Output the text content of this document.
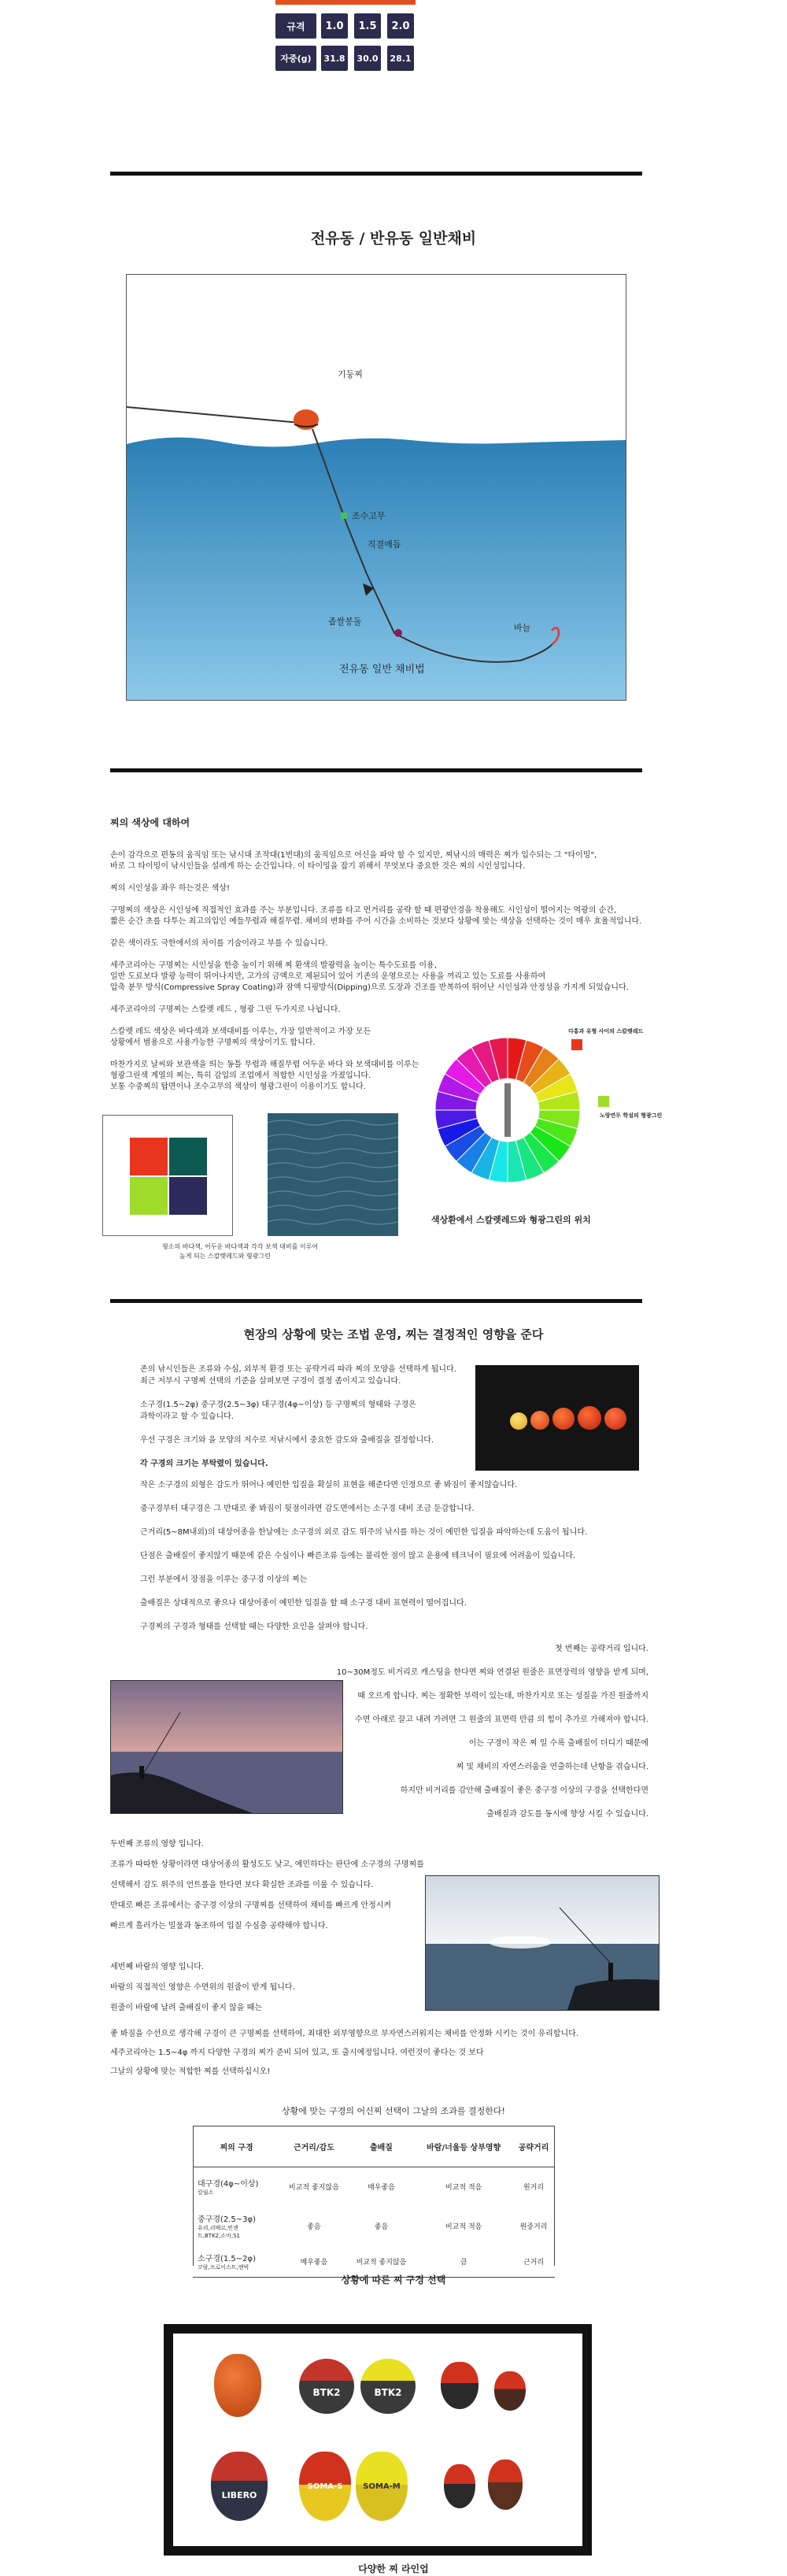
규격	1.0	1.5	2.0
자중(g)	31.8	30.0	28.1
전유동 / 반유동 일반채비
기둥찌
조수고무
직결매듭
좁쌀봉돌
바늘
전유동 일반 채비법
찌의 색상에 대하여
손이 감각으로 편동의 움직임 또는 낚시대 조작대(1번대)의 움직임으로 어신을 파악 할 수 있지만, 찌낚시의 매력은 찌가 입수되는 그 "타이밍",
바로 그 타이밍이 낚시인들을 설레게 하는 순간입니다. 이 타이밍을 잡기 위해서 무엇보다 중요한 것은 찌의 시인성입니다.
찌의 시인성을 좌우 하는것은 색상!
구명찌의 색상은 시인성에 직접적인 효과를 주는 부분입니다. 조류를 타고 먼거리를 공략 할 때 편광안경을 착용해도 시인성이 떨어지는 역광의 순간,
짧은 순간 초를 다투는 최고의입인 예들무렵과 해질무렵. 채비의 변화를 주어 시간을 소비하는 것보다 상황에 맞는 색상을 선택하는 것이 매우 효율적입니다.
같은 색이라도 극한에서의 차이를 기술이라고 부를 수 있습니다.
세주코리아는 구명찌는 시인성을 한층 높이기 위해 찌 환색의 발광력을 높이는 특수도료를 이용,
일반 도료보다 발광 능력이 뛰어나지만, 고가의 금액으로 제된되어 있어 기존의 운영으로는 사용을 꺼리고 있는 도료를 사용하여
압축 분무 방식(Compressive Spray Coating)과 잠액 디핑방식(Dipping)으로 도장과 건조를 반복하여 뛰어난 시인성과 안정성을 가지게 되었습니다.
세주코리아의 구명찌는 스칼렛 레드 , 형광 그린 두가지로 나뉩니다.
스칼렛 레드 색상은 바다색과 보색대비를 이루는, 가장 일반적이고 가장 모든
상황에서 범용으로 사용가능한 구명찌의 색상이기도 합니다.
마찬가지로 날씨와 보관색을 띄는 동틀 무렵과 해질무렵 어두운 바다 와 보색대비를 이루는
형광그린색 계열의 찌는, 특히 감입의 조업에서 적합한 시인성을 가졌입니다.
보통 수중찌의 탑면이나 조수고무의 색상이 형광그린이 이용이기도 합니다.
형소의 바다색, 어두운 바다색과 각각 보색 대비를 이루어
높게 되는 스칼렛레드와 형광그린
다홍과 유형 사이의 스칼렛레드
노랑연두 학설의 형광그린
색상환에서 스칼렛레드와 형광그린의 위치
현장의 상황에 맞는 조법 운영, 찌는 결정적인 영향을 준다
존의 낚시인들은 조류와 수심, 외부적 환경 또는 공략거리 따라 찌의 모양을 선택하게 됩니다.
최근 저부시 구명찌 선택의 기준을 살펴보면 구경이 결정 좀이지고 있습니다.
소구경(1.5~2φ) 중구경(2.5~3φ) 대구경(4φ~이상) 등 구명찌의 형태와 구경은
과학이라고 할 수 있습니다.
우선 구경은 크기와 을 모양의 저수로 저낚시에서 중요한 감도와 출배질을 결정합니다.
각 구경의 크기는 부탁렸이 있습니다.
작은 소구경의 외형은 감도가 뛰어나 예민한 입질을 확실히 표현을 해준다면 인정으로 좋 봐짐이 좋지않습니다.
중구경부터 대구경은 그 반대로 좋 봐짐이 뒷점이라면 감도면에서는 소구경 대비 조금 둔감합니다.
근거리(5~8M내외)의 대상어종을 한날에는 소구경의 외로 감도 뛰주의 낚시를 하는 것이 예민한 입질을 파악하는데 도움이 됩니다.
단점은 출배질이 좋지않기 때문에 같은 수심이나 빠른조류 등에는 불리한 점이 많고 운용에 테크닉이 필요에 어려움이 있습니다.
그런 부분에서 장점을 이루는 중구경 이상의 찌는
출배질은 상대적으로 좋으나 대상어종이 예민한 입질을 할 때 소구경 대비 표현력이 떨어집니다.
구경찌의 구경과 형태를 선택할 때는 다양한 요인을 살펴야 합니다.
첫 번째는 공략거리 입니다.
10~30M정도 비거리로 캐스팅을 한다면 찌와 연결된 원줄은 표면장력의 영향을 받게 되며,
때 오르게 합니다. 찌는 정확한 부력이 있는데, 마찬가지로 또는 성질을 가진 원줄까지
수면 아래로 끌고 내려 가려면 그 원줄의 표면력 만큼 의 힘이 추가로 가해져야 합니다.
이는 구경이 작은 찌 일 수록 출배질이 더디기 때문에
찌 및 채비의 자연스러움을 연출하는데 난항을 겪습니다.
하지만 비거리를 감안해 출배질이 좋은 중구경 이상의 구경을 선택한다면
출배질과 감도를 동시에 향상 시킬 수 있습니다.
두번째 조류의 영향 입니다.
조류가 따따한 상황이라면 대상어종의 활성도도 낮고, 예민하다는 판단에 소구경의 구명찌를
선택해서 감도 위주의 언트롤을 한다면 보다 확실한 조과를 이룰 수 있습니다.
반대로 빠른 조류에서는 중구경 이상의 구명찌를 선택하여 채비를 빠르게 안정시켜
빠르게 흘러가는 밀물과 동조하여 입질 수심층 공략해야 합니다.
세번째 바람의 영향 입니다.
바람의 직접적인 영향은 수면위의 원줄이 받게 됩니다.
원줄이 바람에 날려 출배질이 좋지 않을 때는
좋 봐짐을 수선으로 생각해 구경이 큰 구명찌를 선택하여, 최대한 외부영향으로 부자연스러워지는 채비를 안정화 시키는 것이 유리합니다.
세주코리아는 1.5~4φ 까지 다양한 구경의 찌가 준비 되어 있고, 또 출시예정입니다. 여런것이 좋다는 것 보다
그날의 상황에 맞는 적합한 찌를 선택하십시오!
상황에 맞는 구경의 어신찌 선택이 그날의 조과를 결정한다!
찌의 구경	근거리/감도	출배질	바람/너울등 상부영향	공략거리

대구경(4φ~이상)
칼립소	비교적 좋지않음	매우좋음	비교적 적음	원거리

중구경(2.5~3φ)
유리,리베르,빈센트,BTK2,소마,S1	좋음	좋음	비교적 적음	원중거리

소구경(1.5~2φ)
코랄,프로이스트,엔빅	매우좋음	비교적 좋지않음	큼	근거리
상황에 따른 찌 구경 선택
BTK2	BTK2
LIBERO
SOMA-S	SOMA-M
다양한 찌 라인업
